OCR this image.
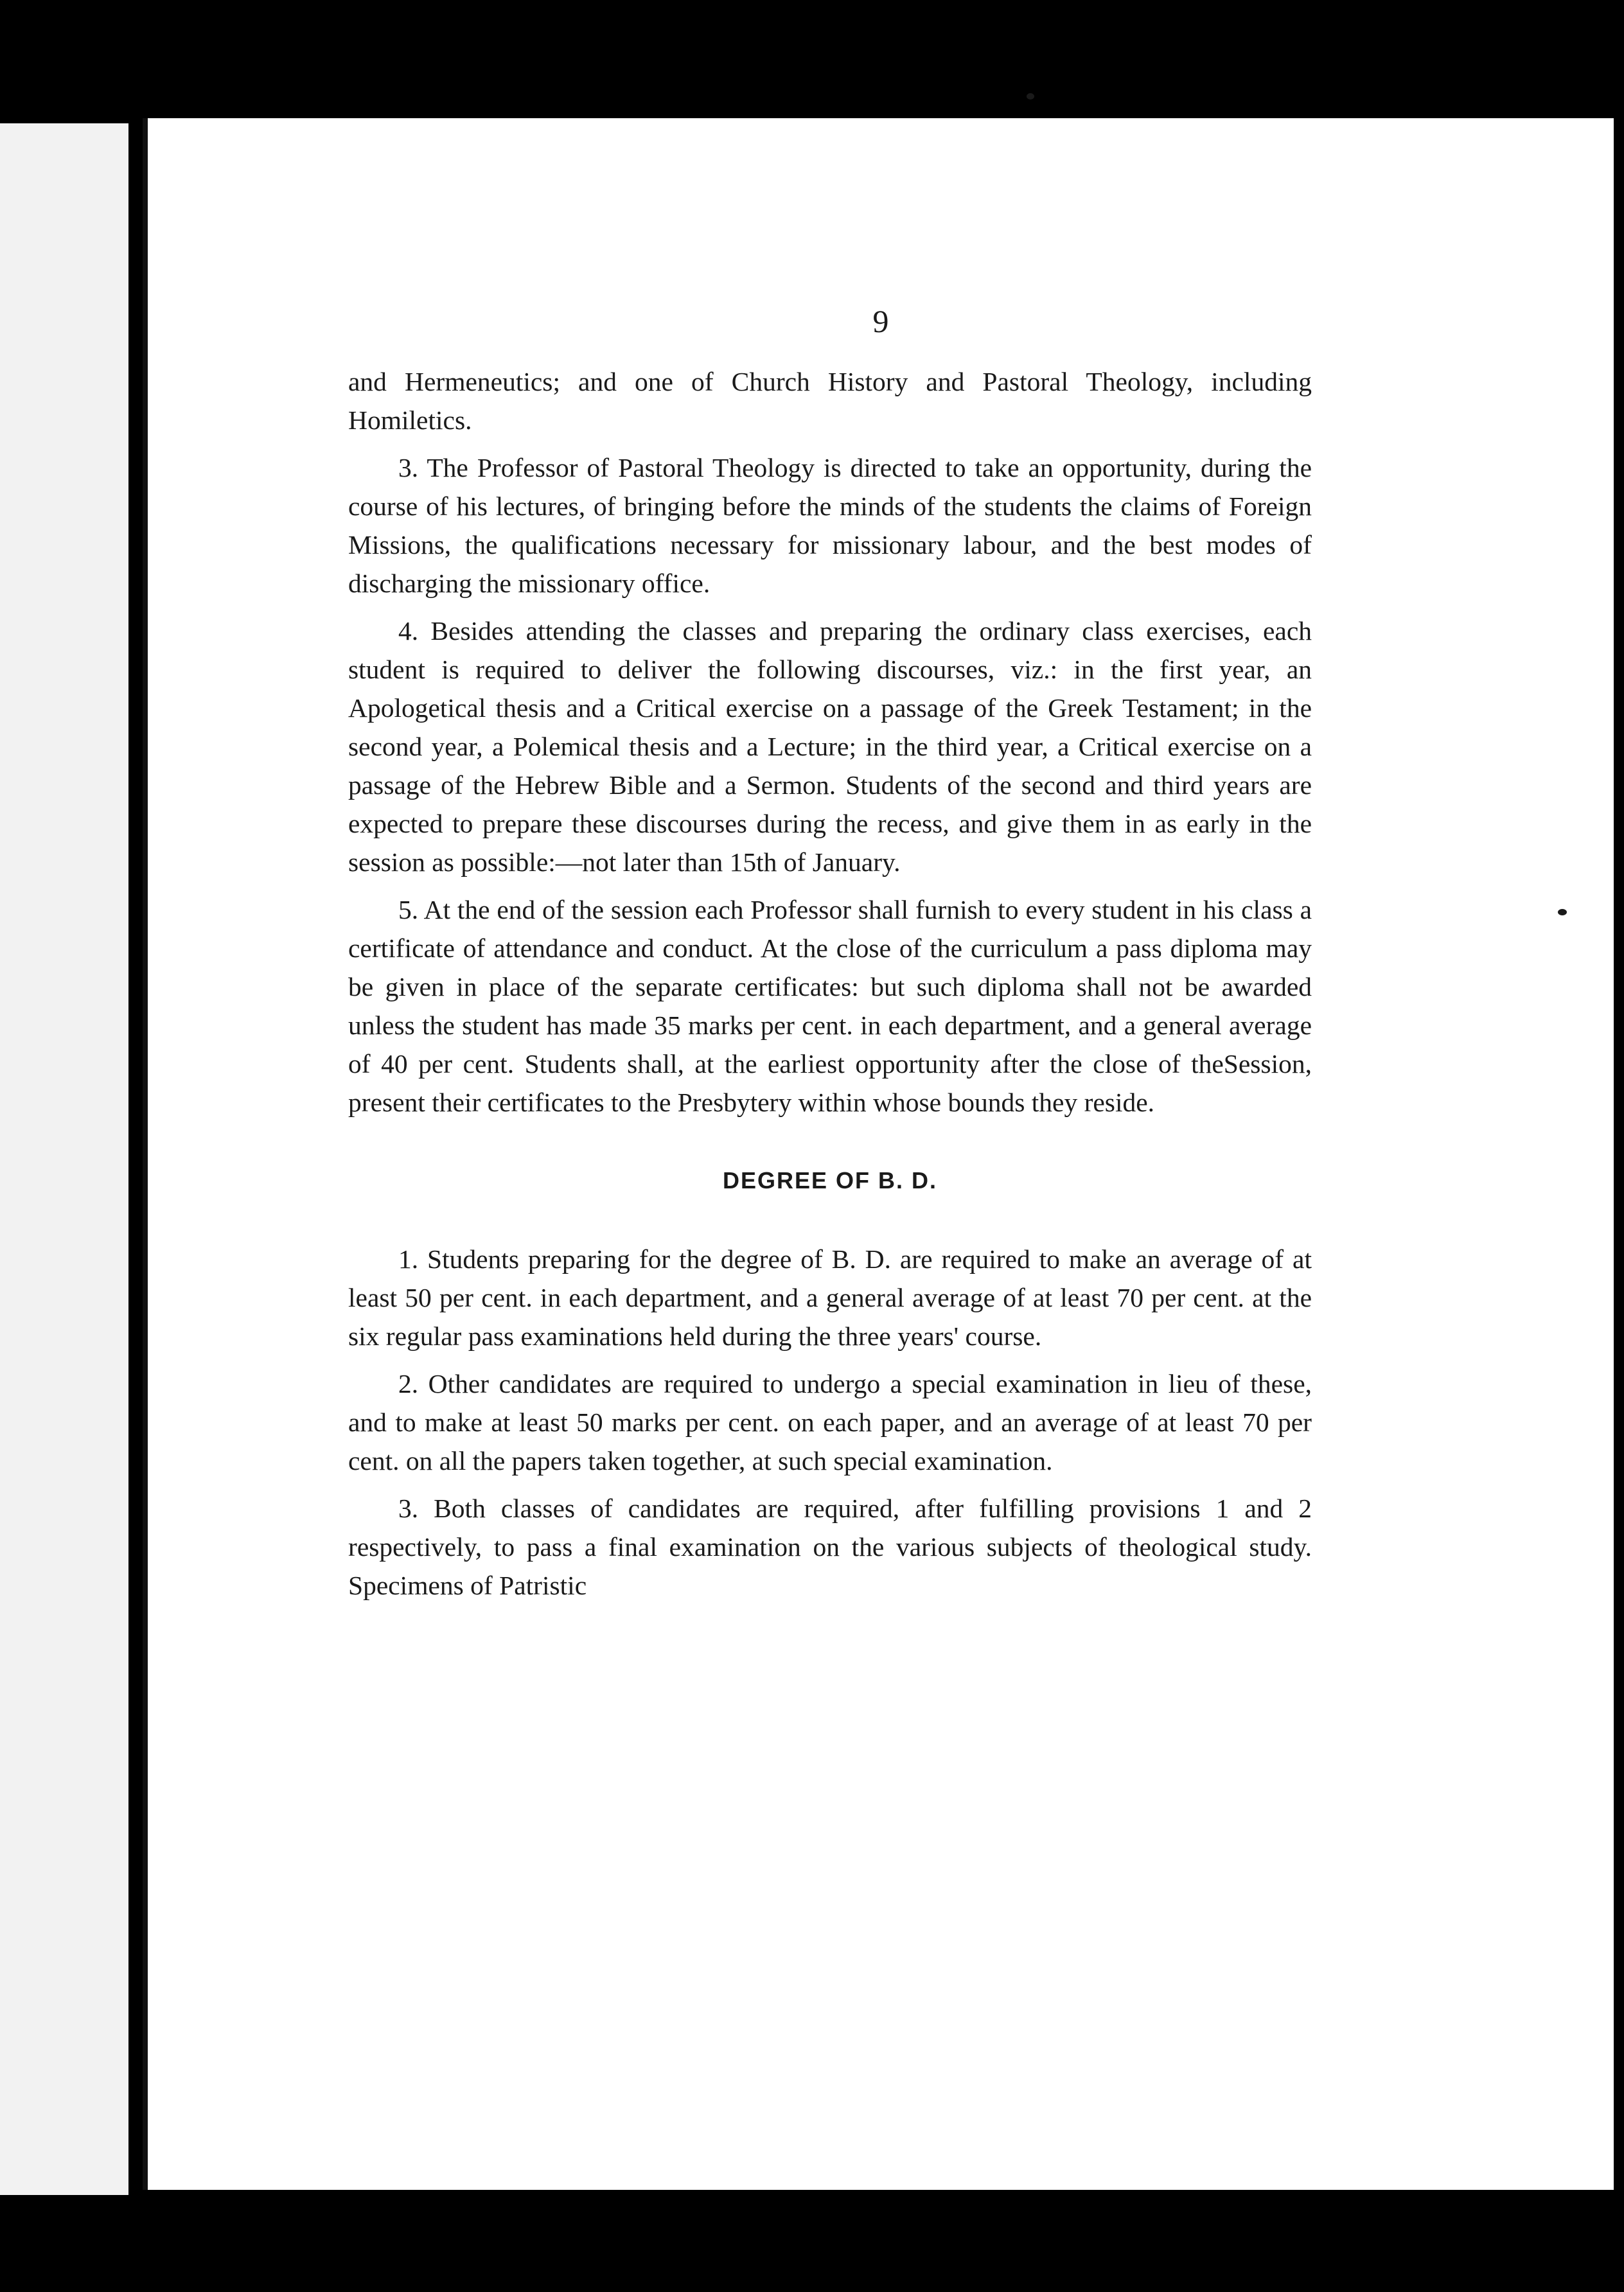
9

and Hermeneutics; and one of Church History and Pastoral Theology, including Homiletics.

3. The Professor of Pastoral Theology is directed to take an opportunity, during the course of his lectures, of bringing before the minds of the students the claims of Foreign Missions, the qualifications necessary for missionary labour, and the best modes of discharging the missionary office.

4. Besides attending the classes and preparing the ordinary class exercises, each student is required to deliver the following discourses, viz.: in the first year, an Apologetical thesis and a Critical exercise on a passage of the Greek Testament; in the second year, a Polemical thesis and a Lecture; in the third year, a Critical exercise on a passage of the Hebrew Bible and a Sermon. Students of the second and third years are expected to prepare these discourses during the recess, and give them in as early in the session as possible:—not later than 15th of January.

5. At the end of the session each Professor shall furnish to every student in his class a certificate of attendance and conduct. At the close of the curriculum a pass diploma may be given in place of the separate certificates: but such diploma shall not be awarded unless the student has made 35 marks per cent. in each department, and a general average of 40 per cent. Students shall, at the earliest opportunity after the close of theSession, present their certificates to the Presbytery within whose bounds they reside.

DEGREE OF B. D.

1. Students preparing for the degree of B. D. are required to make an average of at least 50 per cent. in each department, and a general average of at least 70 per cent. at the six regular pass examinations held during the three years' course.

2. Other candidates are required to undergo a special examination in lieu of these, and to make at least 50 marks per cent. on each paper, and an average of at least 70 per cent. on all the papers taken together, at such special examination.

3. Both classes of candidates are required, after fulfilling provisions 1 and 2 respectively, to pass a final examination on the various subjects of theological study. Specimens of Patristic
